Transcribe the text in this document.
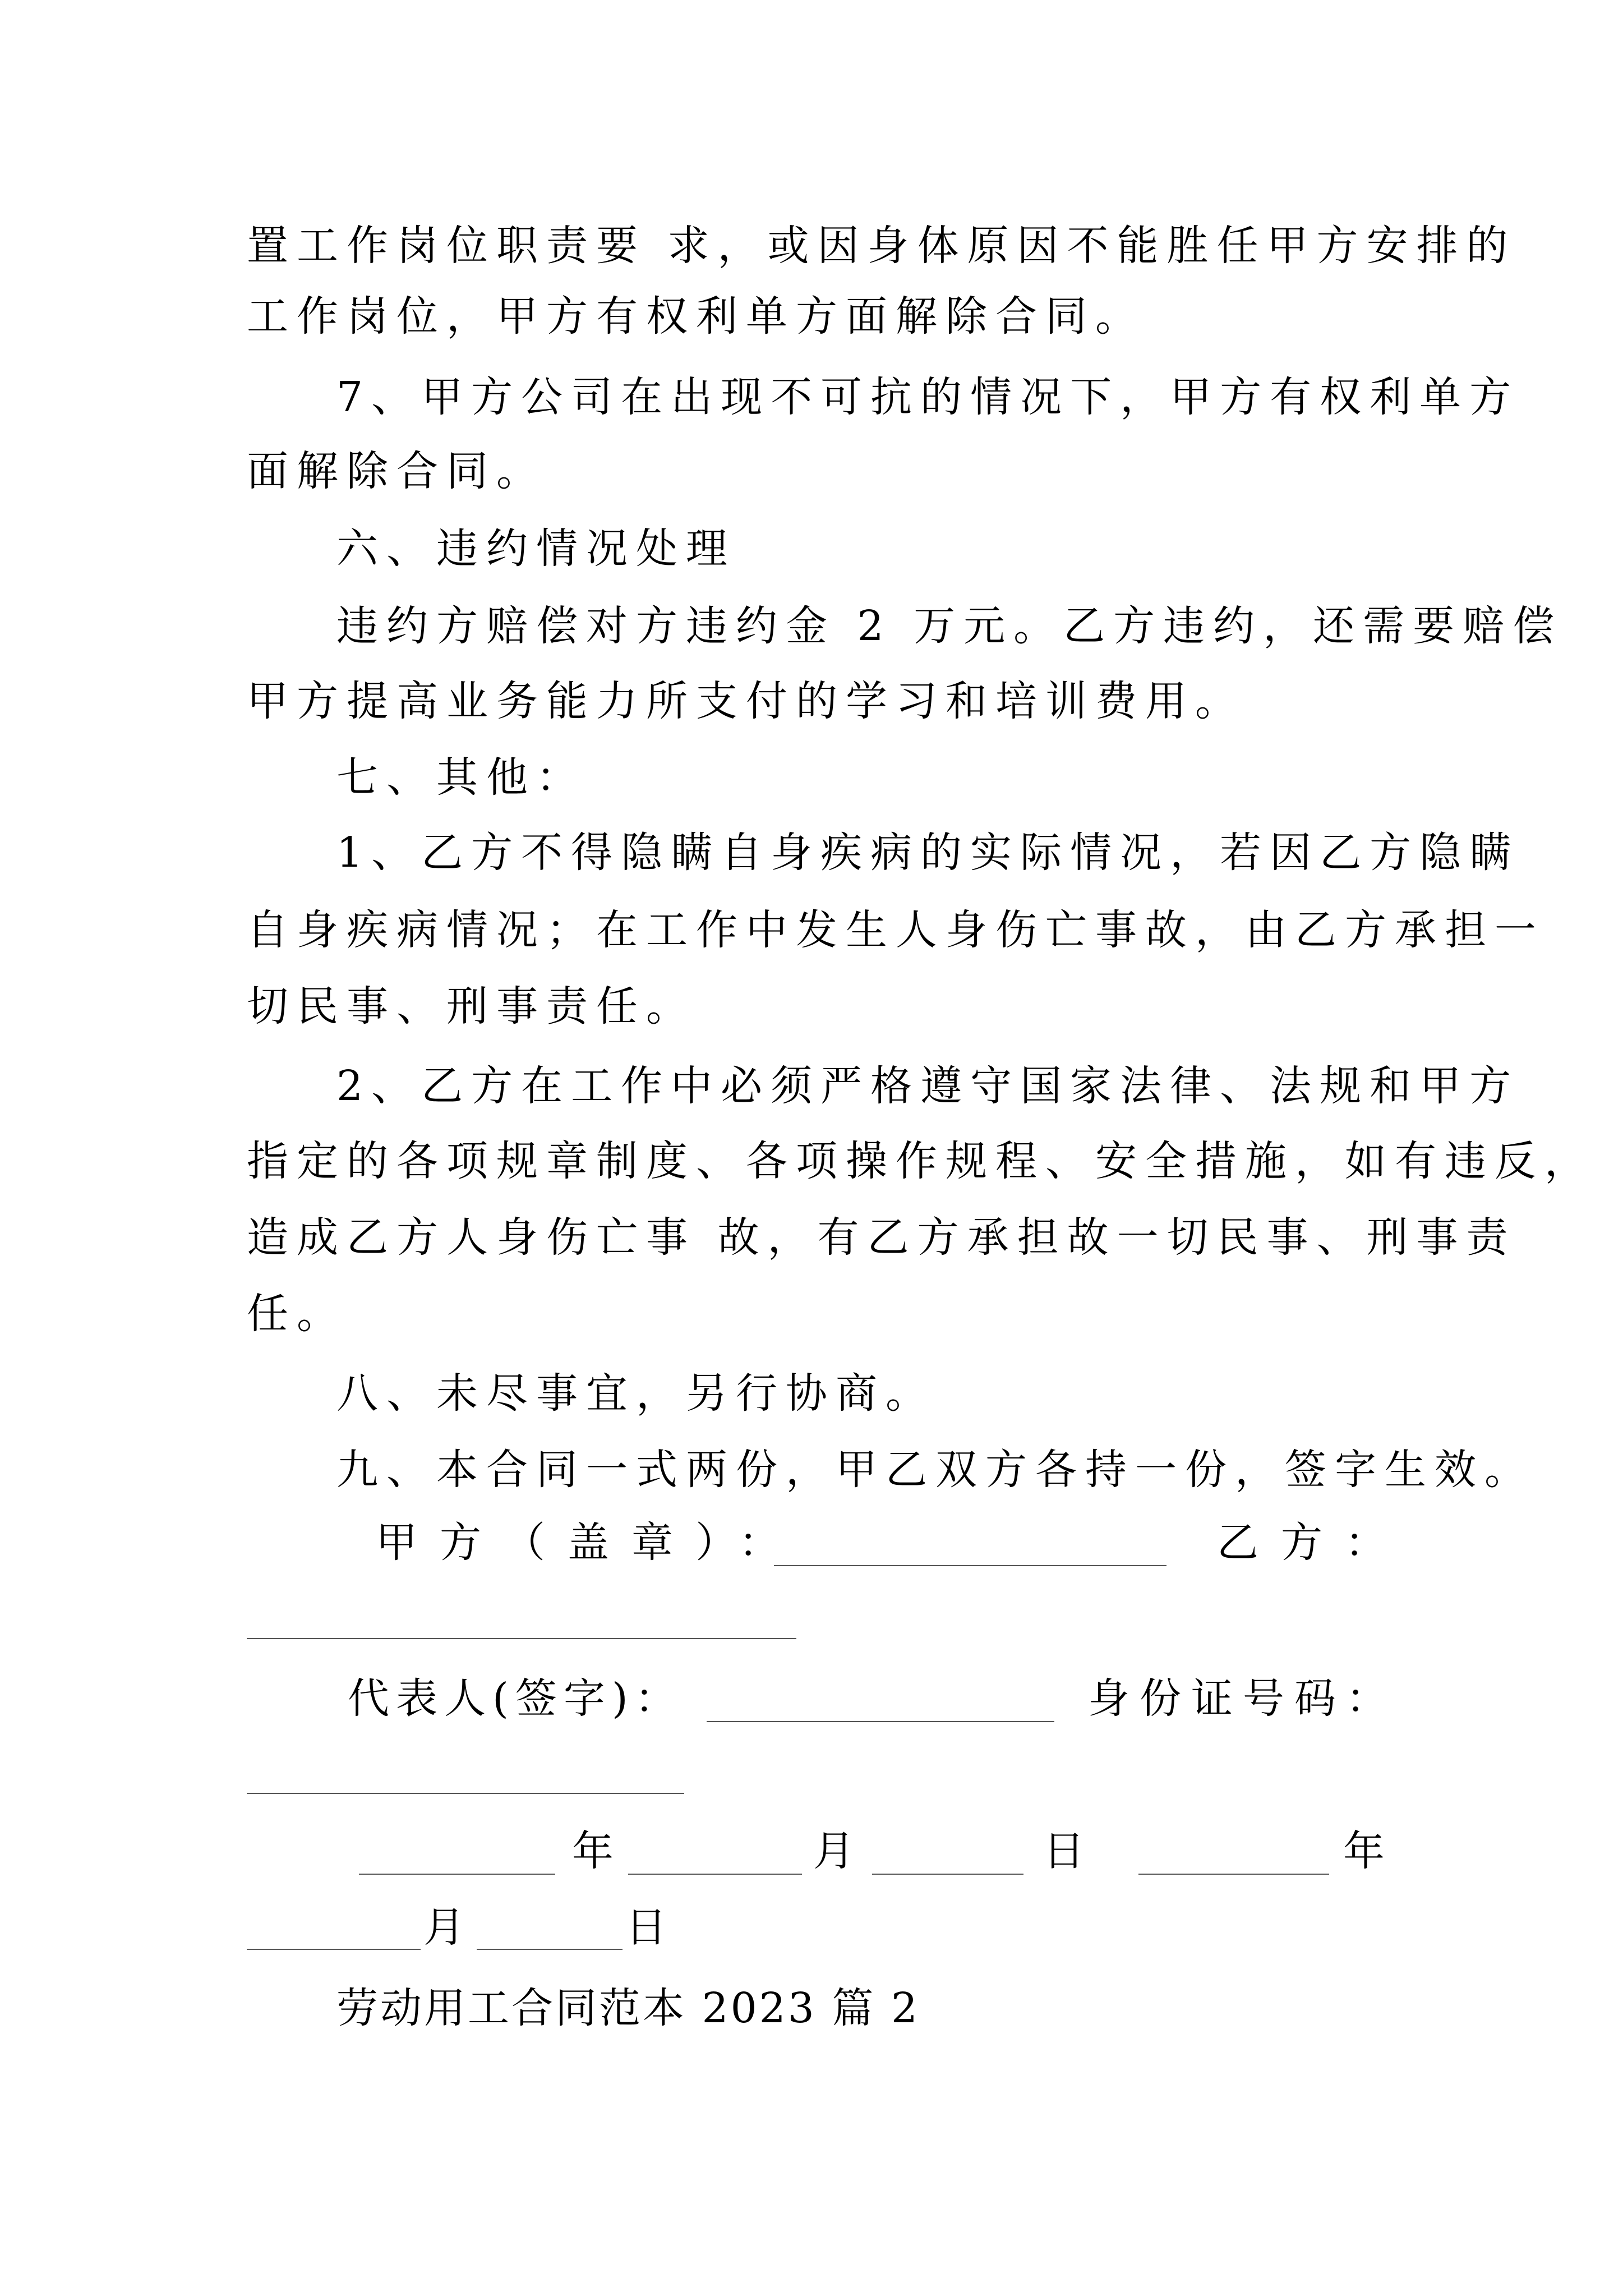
置工作岗位职责要 求，或因身体原因不能胜任甲方安排的
工作岗位，甲方有权利单方面解除合同。
7、甲方公司在出现不可抗的情况下，甲方有权利单方
面解除合同。
六、违约情况处理
违约方赔偿对方违约金 2 万元。乙方违约，还需要赔偿
甲方提高业务能力所支付的学习和培训费用。
七、其他：
1、乙方不得隐瞒自身疾病的实际情况，若因乙方隐瞒
自身疾病情况；在工作中发生人身伤亡事故，由乙方承担一
切民事、刑事责任。
2、乙方在工作中必须严格遵守国家法律、法规和甲方
指定的各项规章制度、各项操作规程、安全措施，如有违反，
造成乙方人身伤亡事 故，有乙方承担故一切民事、刑事责
任。
八、未尽事宜，另行协商。
九、本合同一式两份，甲乙双方各持一份，签字生效。
甲方（盖章）：	乙方：
代表人(签字)：	身份证号码：
年	月	日	年
月	日
劳动用工合同范本 2023 篇 2
